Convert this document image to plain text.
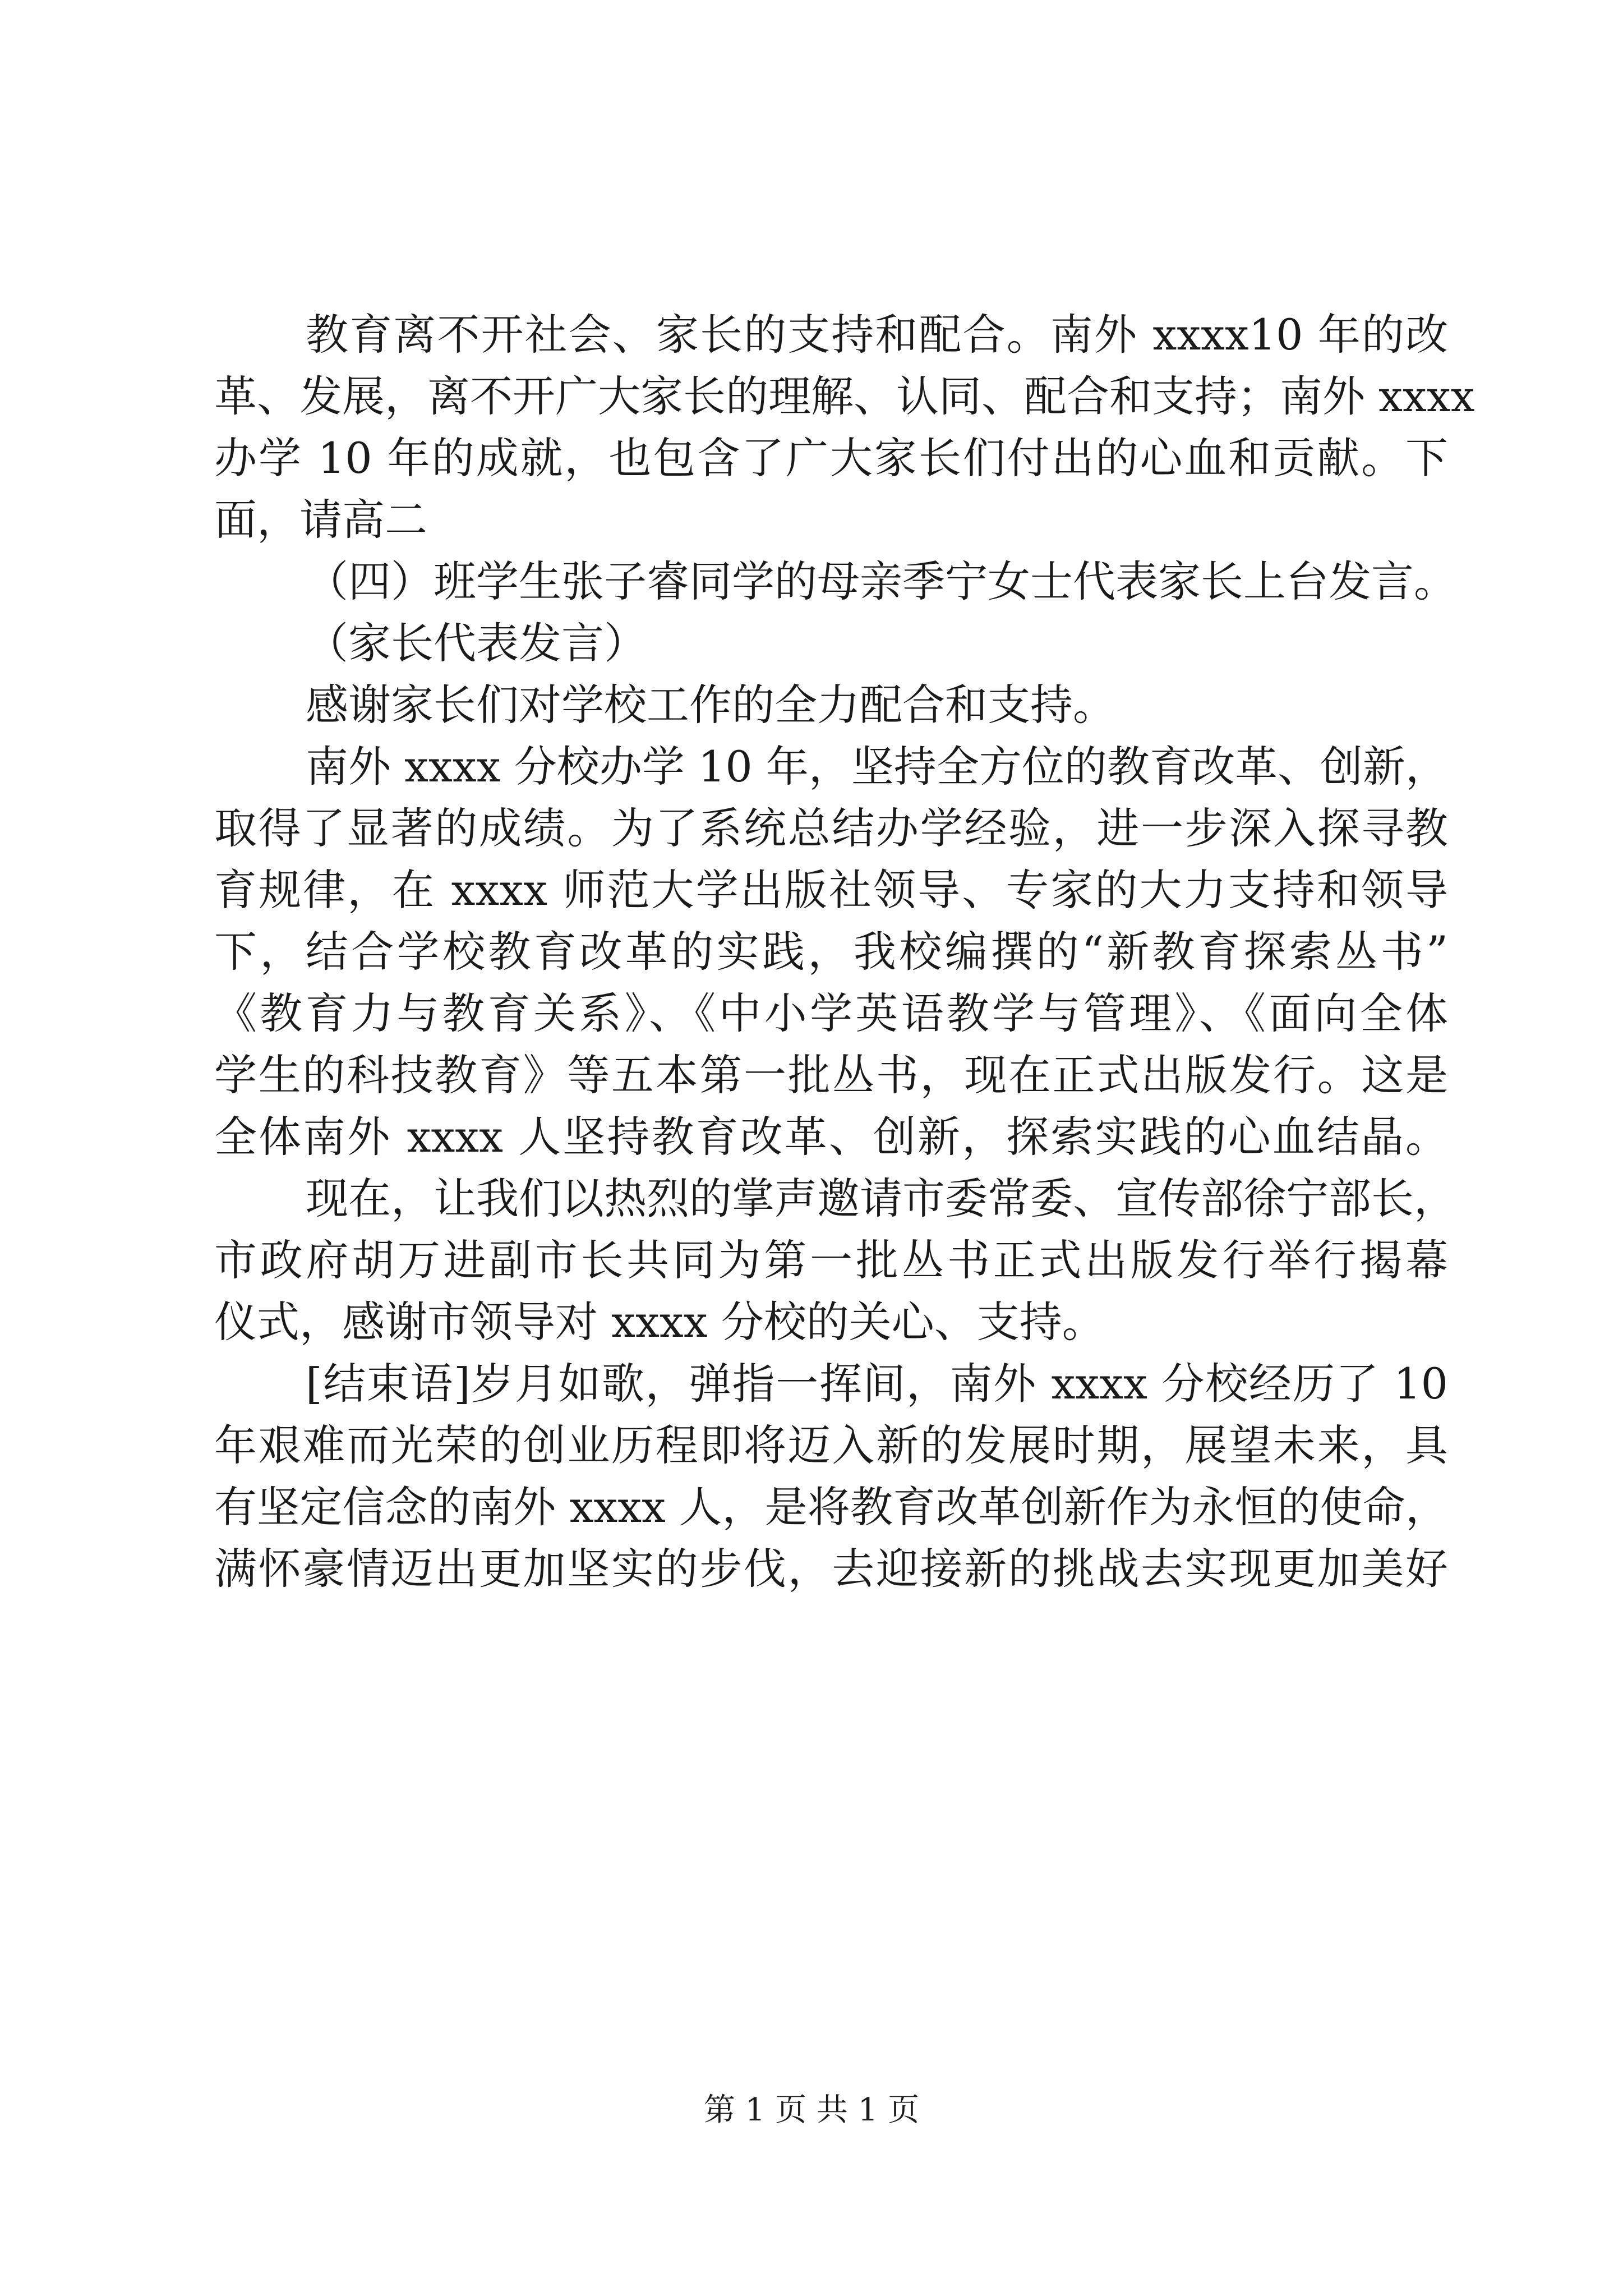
教育离不开社会、家长的支持和配合。南外 xxxx10 年的改
革、发展，离不开广大家长的理解、认同、配合和支持；南外 xxxx
办学 10 年的成就，也包含了广大家长们付出的心血和贡献。下
面，请高二
（四）班学生张子睿同学的母亲季宁女士代表家长上台发言。
（家长代表发言）
感谢家长们对学校工作的全力配合和支持。
南外 xxxx 分校办学 10 年，坚持全方位的教育改革、创新，
取得了显著的成绩。为了系统总结办学经验，进一步深入探寻教
育规律，在 xxxx 师范大学出版社领导、专家的大力支持和领导
下，结合学校教育改革的实践，我校编撰的“新教育探索丛书”
《教育力与教育关系》、《中小学英语教学与管理》、《面向全体
学生的科技教育》等五本第一批丛书，现在正式出版发行。这是
全体南外 xxxx 人坚持教育改革、创新，探索实践的心血结晶。
现在，让我们以热烈的掌声邀请市委常委、宣传部徐宁部长，
市政府胡万进副市长共同为第一批丛书正式出版发行举行揭幕
仪式，感谢市领导对 xxxx 分校的关心、支持。
[结束语]岁月如歌，弹指一挥间，南外 xxxx 分校经历了 10
年艰难而光荣的创业历程即将迈入新的发展时期，展望未来，具
有坚定信念的南外 xxxx 人，是将教育改革创新作为永恒的使命，
满怀豪情迈出更加坚实的步伐，去迎接新的挑战去实现更加美好
第 1 页 共 1 页
